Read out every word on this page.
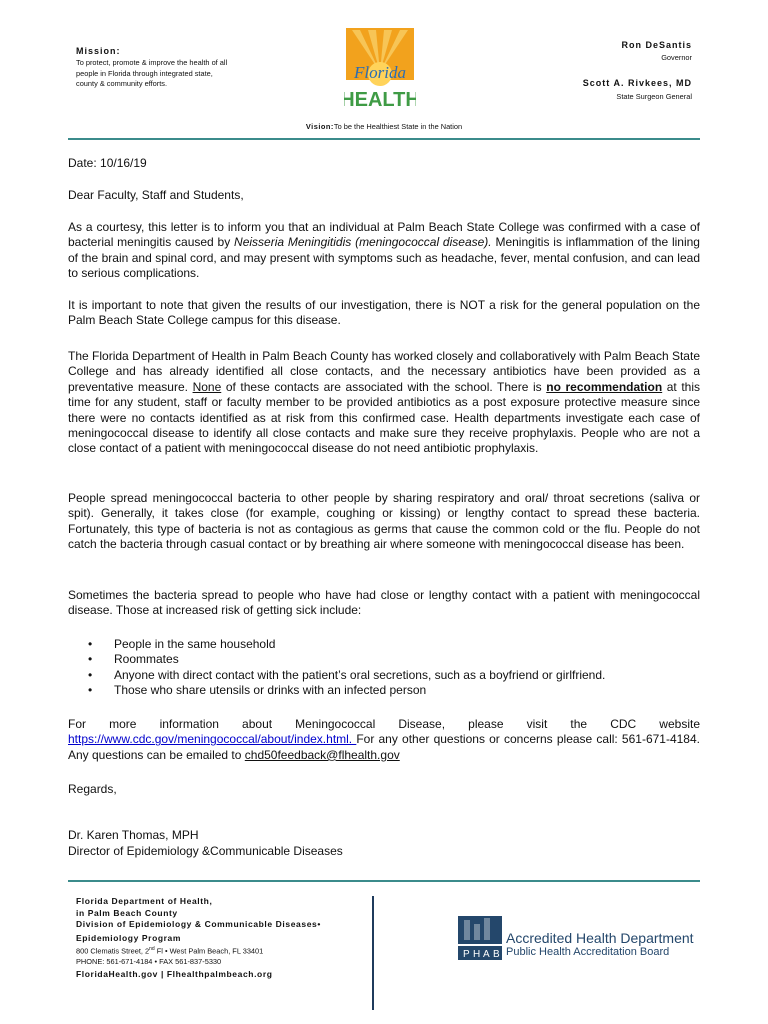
Mission:
To protect, promote & improve the health of all people in Florida through integrated state, county & community efforts.
Florida
HEALTH
Ron DeSantis
Governor
Scott A. Rivkees, MD
State Surgeon General
Vision:To be the Healthiest State in the Nation
Date: 10/16/19
Dear Faculty, Staff and Students,
As a courtesy, this letter is to inform you that an individual at Palm Beach State College was confirmed with a case of bacterial meningitis caused by Neisseria Meningitidis (meningococcal disease). Meningitis is inflammation of the lining of the brain and spinal cord, and may present with symptoms such as headache, fever, mental confusion, and can lead to serious complications.
It is important to note that given the results of our investigation, there is NOT a risk for the general population on the Palm Beach State College campus for this disease.
The Florida Department of Health in Palm Beach County has worked closely and collaboratively with Palm Beach State College and has already identified all close contacts, and the necessary antibiotics have been provided as a preventative measure. None of these contacts are associated with the school. There is no recommendation at this time for any student, staff or faculty member to be provided antibiotics as a post exposure protective measure since there were no contacts identified as at risk from this confirmed case. Health departments investigate each case of meningococcal disease to identify all close contacts and make sure they receive prophylaxis. People who are not a close contact of a patient with meningococcal disease do not need antibiotic prophylaxis.
People spread meningococcal bacteria to other people by sharing respiratory and oral/ throat secretions (saliva or spit). Generally, it takes close (for example, coughing or kissing) or lengthy contact to spread these bacteria. Fortunately, this type of bacteria is not as contagious as germs that cause the common cold or the flu. People do not catch the bacteria through casual contact or by breathing air where someone with meningococcal disease has been.
Sometimes the bacteria spread to people who have had close or lengthy contact with a patient with meningococcal disease. Those at increased risk of getting sick include:
• People in the same household
• Roommates
• Anyone with direct contact with the patient’s oral secretions, such as a boyfriend or girlfriend.
• Those who share utensils or drinks with an infected person
For more information about Meningococcal Disease, please visit the CDC website https://www.cdc.gov/meningococcal/about/index.html. For any other questions or concerns please call: 561-671-4184. Any questions can be emailed to chd50feedback@flhealth.gov
Regards,
Dr. Karen Thomas, MPH
Director of Epidemiology &Communicable Diseases
Florida Department of Health,
in Palm Beach County
Division of Epidemiology & Communicable Diseases•
Epidemiology Program
800 Clematis Street, 2nd Fl • West Palm Beach, FL 33401
PHONE: 561-671-4184 • FAX 561-837-5330
FloridaHealth.gov | Flhealthpalmbeach.org
P H A B
Accredited Health Department
Public Health Accreditation Board
